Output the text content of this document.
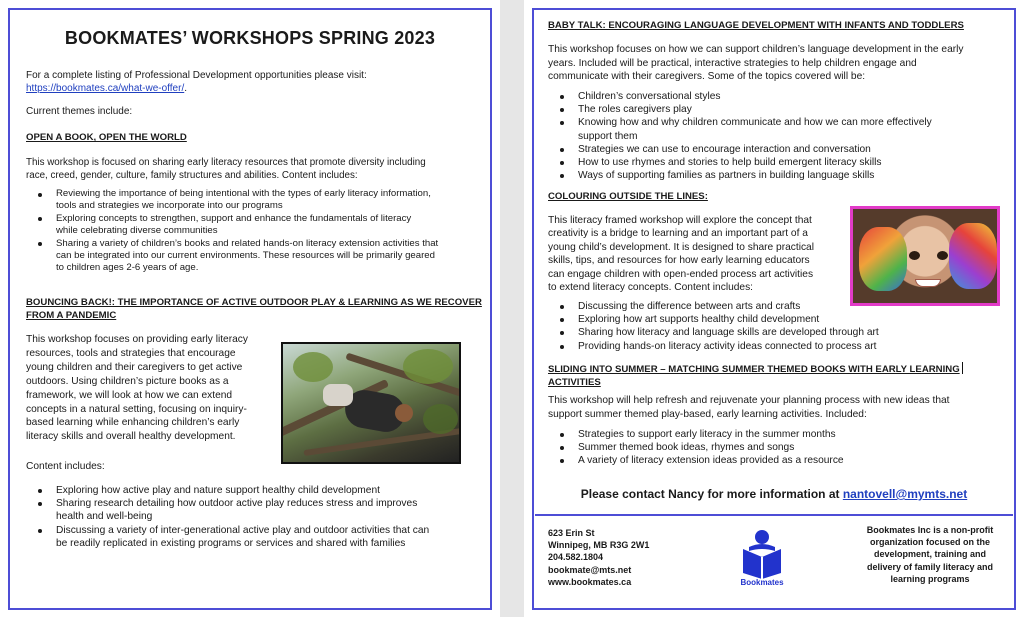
BOOKMATES’ WORKSHOPS SPRING 2023
For a complete listing of Professional Development opportunities please visit:
https://bookmates.ca/what-we-offer/.
Current themes include:
OPEN A BOOK, OPEN THE WORLD
This workshop is focused on sharing early literacy resources that promote diversity including
race, creed, gender, culture, family structures and abilities. Content includes:
Reviewing the importance of being intentional with the types of early literacy information,
tools and strategies we incorporate into our programs
Exploring concepts to strengthen, support and enhance the fundamentals of literacy
while celebrating diverse communities
Sharing a variety of children’s books and related hands-on literacy extension activities that
can be integrated into our current environments. These resources will be primarily geared
to children ages 2-6 years of age.
BOUNCING BACK!: THE IMPORTANCE OF ACTIVE OUTDOOR PLAY & LEARNING AS WE RECOVER
FROM A PANDEMIC
This workshop focuses on providing early literacy
resources, tools and strategies that encourage
young children and their caregivers to get active
outdoors. Using children’s picture books as a
framework, we will look at how we can extend
concepts in a natural setting, focusing on inquiry-
based learning while enhancing children’s early
literacy skills and overall healthy development.
Content includes:
Exploring how active play and nature support healthy child development
Sharing research detailing how outdoor active play reduces stress and improves
health and well-being
Discussing a variety of inter-generational active play and outdoor activities that can
be readily replicated in existing programs or services and shared with families
BABY TALK: ENCOURAGING LANGUAGE DEVELOPMENT WITH INFANTS AND TODDLERS
This workshop focuses on how we can support children’s language development in the early
years. Included will be practical, interactive strategies to help children engage and
communicate with their caregivers. Some of the topics covered will be:
Children’s conversational styles
The roles caregivers play
Knowing how and why children communicate and how we can more effectively
support them
Strategies we can use to encourage interaction and conversation
How to use rhymes and stories to help build emergent literacy skills
Ways of supporting families as partners in building language skills
COLOURING OUTSIDE THE LINES:
This literacy framed workshop will explore the concept that
creativity is a bridge to learning and an important part of a
young child’s development. It is designed to share practical
skills, tips, and resources for how early learning educators
can engage children with open-ended process art activities
to extend literacy concepts. Content includes:
Discussing the difference between arts and crafts
Exploring how art supports healthy child development
Sharing how literacy and language skills are developed through art
Providing hands-on literacy activity ideas connected to process art
SLIDING INTO SUMMER – MATCHING SUMMER THEMED BOOKS WITH EARLY LEARNING
ACTIVITIES
This workshop will help refresh and rejuvenate your planning process with new ideas that
support summer themed play-based, early learning activities. Included:
Strategies to support early literacy in the summer months
Summer themed book ideas, rhymes and songs
A variety of literacy extension ideas provided as a resource
Please contact Nancy for more information at nantovell@mymts.net
623 Erin St
Winnipeg, MB R3G 2W1
204.582.1804
bookmate@mts.net
www.bookmates.ca	Bookmates
Bookmates Inc is a non-profit
organization focused on the
development, training and
delivery of family literacy and
learning programs
